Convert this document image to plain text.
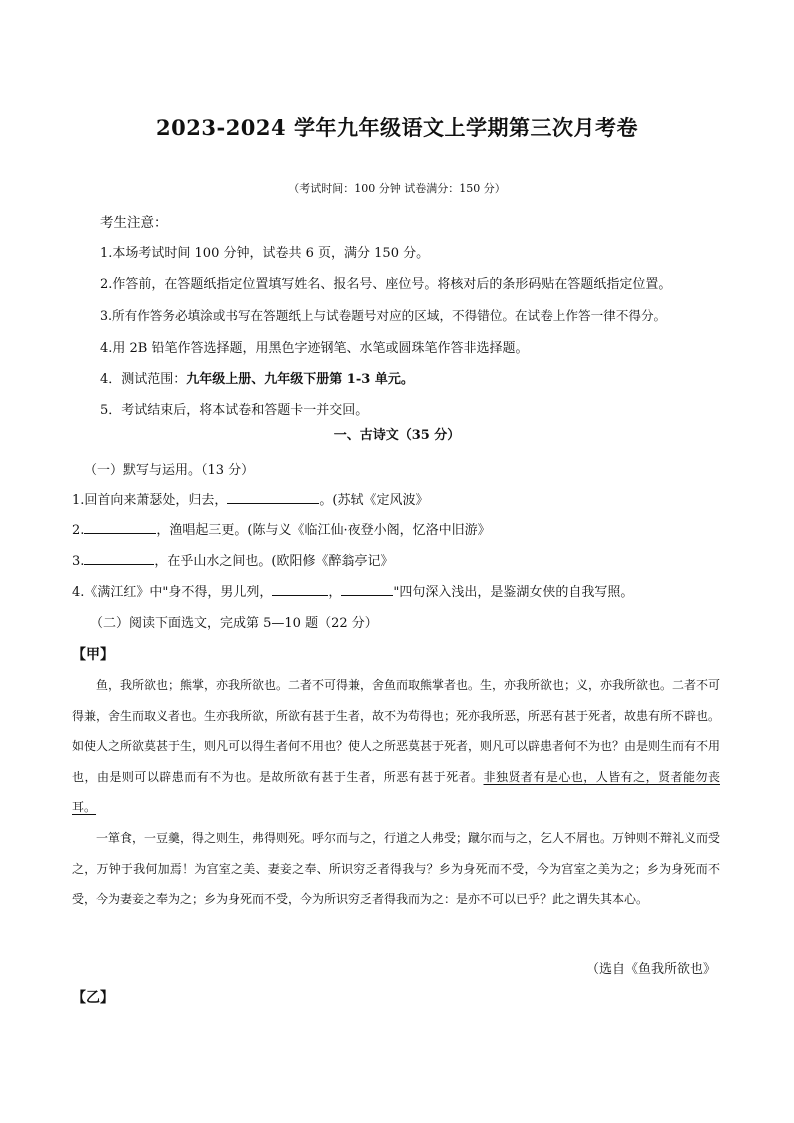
2023-2024 学年九年级语文上学期第三次月考卷
（考试时间：100 分钟 试卷满分：150 分）
考生注意：
1.本场考试时间 100 分钟，试卷共 6 页，满分 150 分。
2.作答前，在答题纸指定位置填写姓名、报名号、座位号。将核对后的条形码贴在答题纸指定位置。
3.所有作答务必填涂或书写在答题纸上与试卷题号对应的区域，不得错位。在试卷上作答一律不得分。
4.用 2B 铅笔作答选择题，用黑色字迹钢笔、水笔或圆珠笔作答非选择题。
4．测试范围：九年级上册、九年级下册第 1-3 单元。
5．考试结束后，将本试卷和答题卡一并交回。
一、古诗文（35 分）
（一）默写与运用。（13 分）
1.回首向来萧瑟处，归去，	。(苏轼《定风波》
2.	，渔唱起三更。(陈与义《临江仙·夜登小阁，忆洛中旧游》
3.	，在乎山水之间也。(欧阳修《醉翁亭记》
4.《满江红》中"身不得，男儿列，	，	"四句深入浅出，是鉴湖女侠的自我写照。
（二）阅读下面选文，完成第 5—10 题（22 分）
【甲】
鱼，我所欲也；熊掌，亦我所欲也。二者不可得兼，舍鱼而取熊掌者也。生，亦我所欲也；义，亦我所欲也。二者不可得兼，舍生而取义者也。生亦我所欲，所欲有甚于生者，故不为苟得也；死亦我所恶，所恶有甚于死者，故患有所不辟也。如使人之所欲莫甚于生，则凡可以得生者何不用也？使人之所恶莫甚于死者，则凡可以辟患者何不为也？由是则生而有不用也，由是则可以辟患而有不为也。是故所欲有甚于生者，所恶有甚于死者。非独贤者有是心也，人皆有之，贤者能勿丧耳。
一箪食，一豆羹，得之则生，弗得则死。呼尔而与之，行道之人弗受；蹴尔而与之，乞人不屑也。万钟则不辩礼义而受之，万钟于我何加焉！为宫室之美、妻妾之奉、所识穷乏者得我与？乡为身死而不受，今为宫室之美为之；乡为身死而不受，今为妻妾之奉为之；乡为身死而不受，今为所识穷乏者得我而为之：是亦不可以已乎？此之谓失其本心。
（选自《鱼我所欲也》
【乙】
